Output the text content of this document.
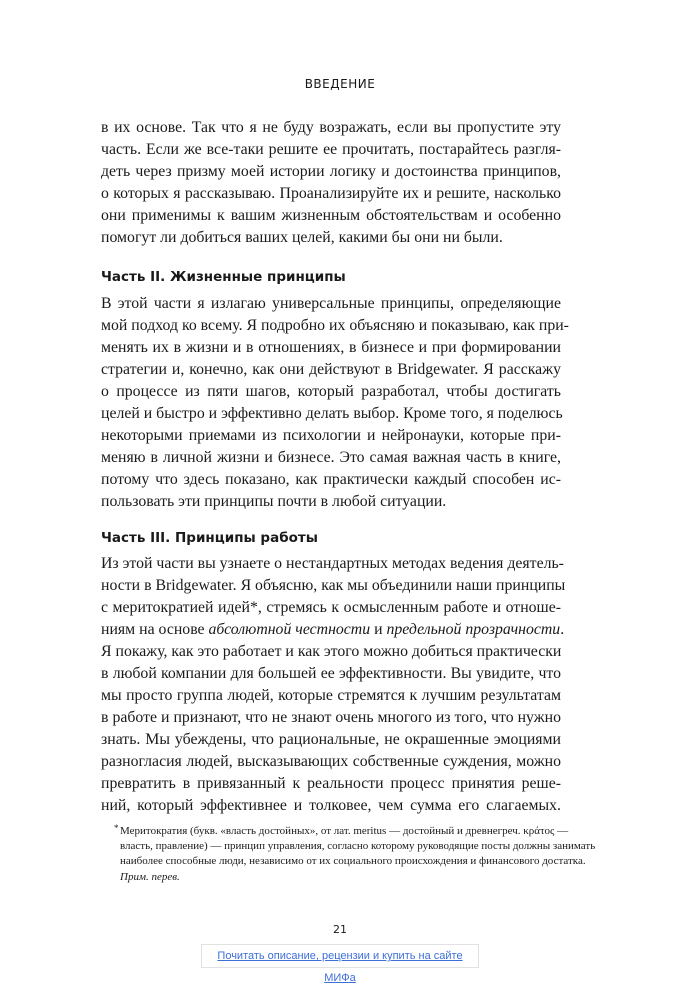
ВВЕДЕНИЕ
в их основе. Так что я не буду возражать, если вы пропустите эту
часть. Если же все-таки решите ее прочитать, постарайтесь разгля-
деть через призму моей истории логику и достоинства принципов,
о которых я рассказываю. Проанализируйте их и решите, насколько
они применимы к вашим жизненным обстоятельствам и особенно
помогут ли добиться ваших целей, какими бы они ни были.
Часть II. Жизненные принципы
В этой части я излагаю универсальные принципы, определяющие
мой подход ко всему. Я подробно их объясняю и показываю, как при-
менять их в жизни и в отношениях, в бизнесе и при формировании
стратегии и, конечно, как они действуют в Bridgewater. Я расскажу
о процессе из пяти шагов, который разработал, чтобы достигать
целей и быстро и эффективно делать выбор. Кроме того, я поделюсь
некоторыми приемами из психологии и нейронауки, которые при-
меняю в личной жизни и бизнесе. Это самая важная часть в книге,
потому что здесь показано, как практически каждый способен ис-
пользовать эти принципы почти в любой ситуации.
Часть III. Принципы работы
Из этой части вы узнаете о нестандартных методах ведения деятель-
ности в Bridgewater. Я объясню, как мы объединили наши принципы
с меритократией идей*, стремясь к осмысленным работе и отноше-
ниям на основе абсолютной честности и предельной прозрачности.
Я покажу, как это работает и как этого можно добиться практически
в любой компании для большей ее эффективности. Вы увидите, что
мы просто группа людей, которые стремятся к лучшим результатам
в работе и признают, что не знают очень многого из того, что нужно
знать. Мы убеждены, что рациональные, не окрашенные эмоциями
разногласия людей, высказывающих собственные суждения, можно
превратить в привязанный к реальности процесс принятия реше-
ний, который эффективнее и толковее, чем сумма его слагаемых.
* Меритократия (букв. «власть достойных», от лат. meritus — достойный и древнегреч. κράτος —
власть, правление) — принцип управления, согласно которому руководящие посты должны занимать
наиболее способные люди, независимо от их социального происхождения и финансового достатка.
Прим. перев.
21
Почитать описание, рецензии и купить на сайте МИФа
